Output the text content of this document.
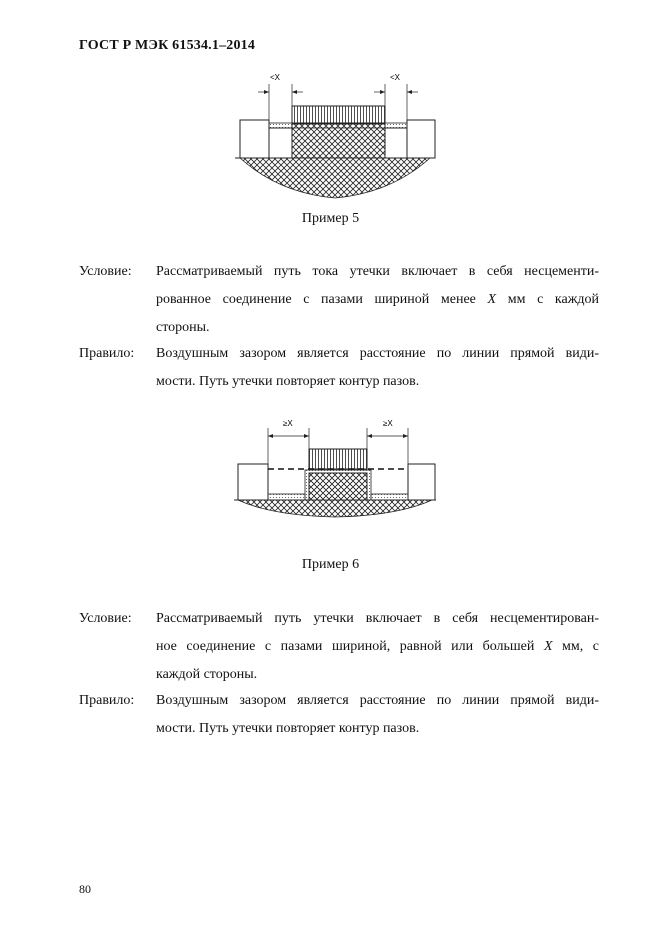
ГОСТ Р МЭК 61534.1–2014
<X	<X
Пример 5
Условие: Рассматриваемый путь тока утечки включает в себя несцементи-
рованное соединение с пазами шириной менее X мм с каждой
стороны.
Правило: Воздушным зазором является расстояние по линии прямой види-
мости. Путь утечки повторяет контур пазов.
≥X	≥X
Пример 6
Условие: Рассматриваемый путь утечки включает в себя несцементирован-
ное соединение с пазами шириной, равной или большей X мм, с
каждой стороны.
Правило: Воздушным зазором является расстояние по линии прямой види-
мости. Путь утечки повторяет контур пазов.
80
